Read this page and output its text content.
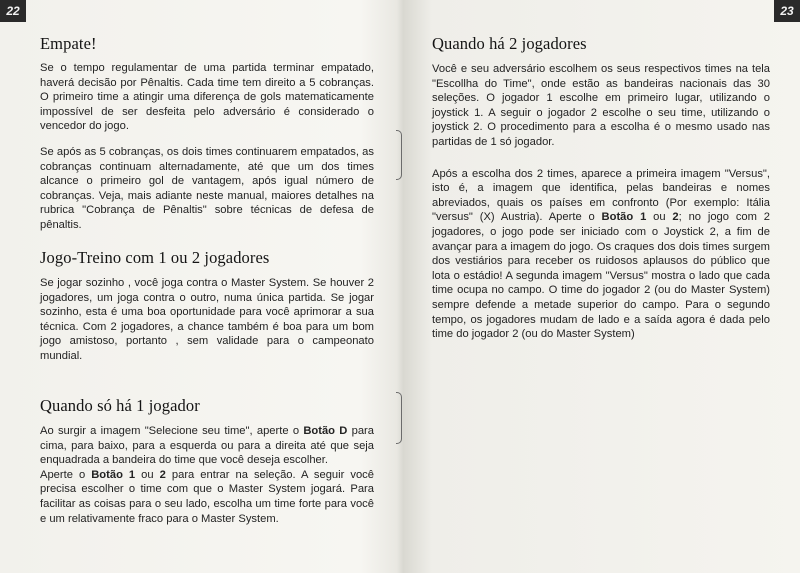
22
Empate!

Se o tempo regulamentar de uma partida terminar empatado, haverá decisão por Pênaltis. Cada time tem direito a 5 cobranças. O primeiro time a atingir uma diferença de gols matematicamente impossível de ser desfeita pelo adversário é considerado o vencedor do jogo.

Se após as 5 cobranças, os dois times continuarem empatados, as cobranças continuam alternadamente, até que um dos times alcance o primeiro gol de vantagem, após igual número de cobranças. Veja, mais adiante neste manual, maiores detalhes na rubrica "Cobrança de Pênaltis" sobre técnicas de defesa de pênaltis.

Jogo-Treino com 1 ou 2 jogadores

Se jogar sozinho , você joga contra o Master System. Se houver 2 jogadores, um joga contra o outro, numa única partida. Se jogar sozinho, esta é uma boa oportunidade para você aprimorar a sua técnica. Com 2 jogadores, a chance também é boa para um bom jogo amistoso, portanto , sem validade para o campeonato mundial.

Quando só há 1 jogador

Ao surgir a imagem "Selecione seu time", aperte o Botão D para cima, para baixo, para a esquerda ou para a direita até que seja enquadrada a bandeira do time que você deseja escolher.

Aperte o Botão 1 ou 2 para entrar na seleção. A seguir você precisa escolher o time com que o Master System jogará. Para facilitar as coisas para o seu lado, escolha um time forte para você e um relativamente fraco para o Master System.

23
Quando há 2 jogadores

Você e seu adversário escolhem os seus respectivos times na tela "Escollha do Time", onde estão as bandeiras nacionais das 30 seleções. O jogador 1 escolhe em primeiro lugar, utilizando o joystick 1. A seguir o jogador 2 escolhe o seu time, utilizando o joystick 2. O procedimento para a escolha é o mesmo usado nas partidas de 1 só jogador.

Após a escolha dos 2 times, aparece a primeira imagem "Versus", isto é, a imagem que identifica, pelas bandeiras e nomes abreviados, quais os países em confronto (Por exemplo: Itália "versus" (X) Austria). Aperte o Botão 1 ou 2; no jogo com 2 jogadores, o jogo pode ser iniciado com o Joystick 2, a fim de avançar para a imagem do jogo. Os craques dos dois times surgem dos vestiários para receber os ruidosos aplausos do público que lota o estádio! A segunda imagem "Versus" mostra o lado que cada time ocupa no campo. O time do jogador 2 (ou do Master System) sempre defende a metade superior do campo. Para o segundo tempo, os jogadores mudam de lado e a saída agora é dada pelo time do jogador 2 (ou do Master System)
